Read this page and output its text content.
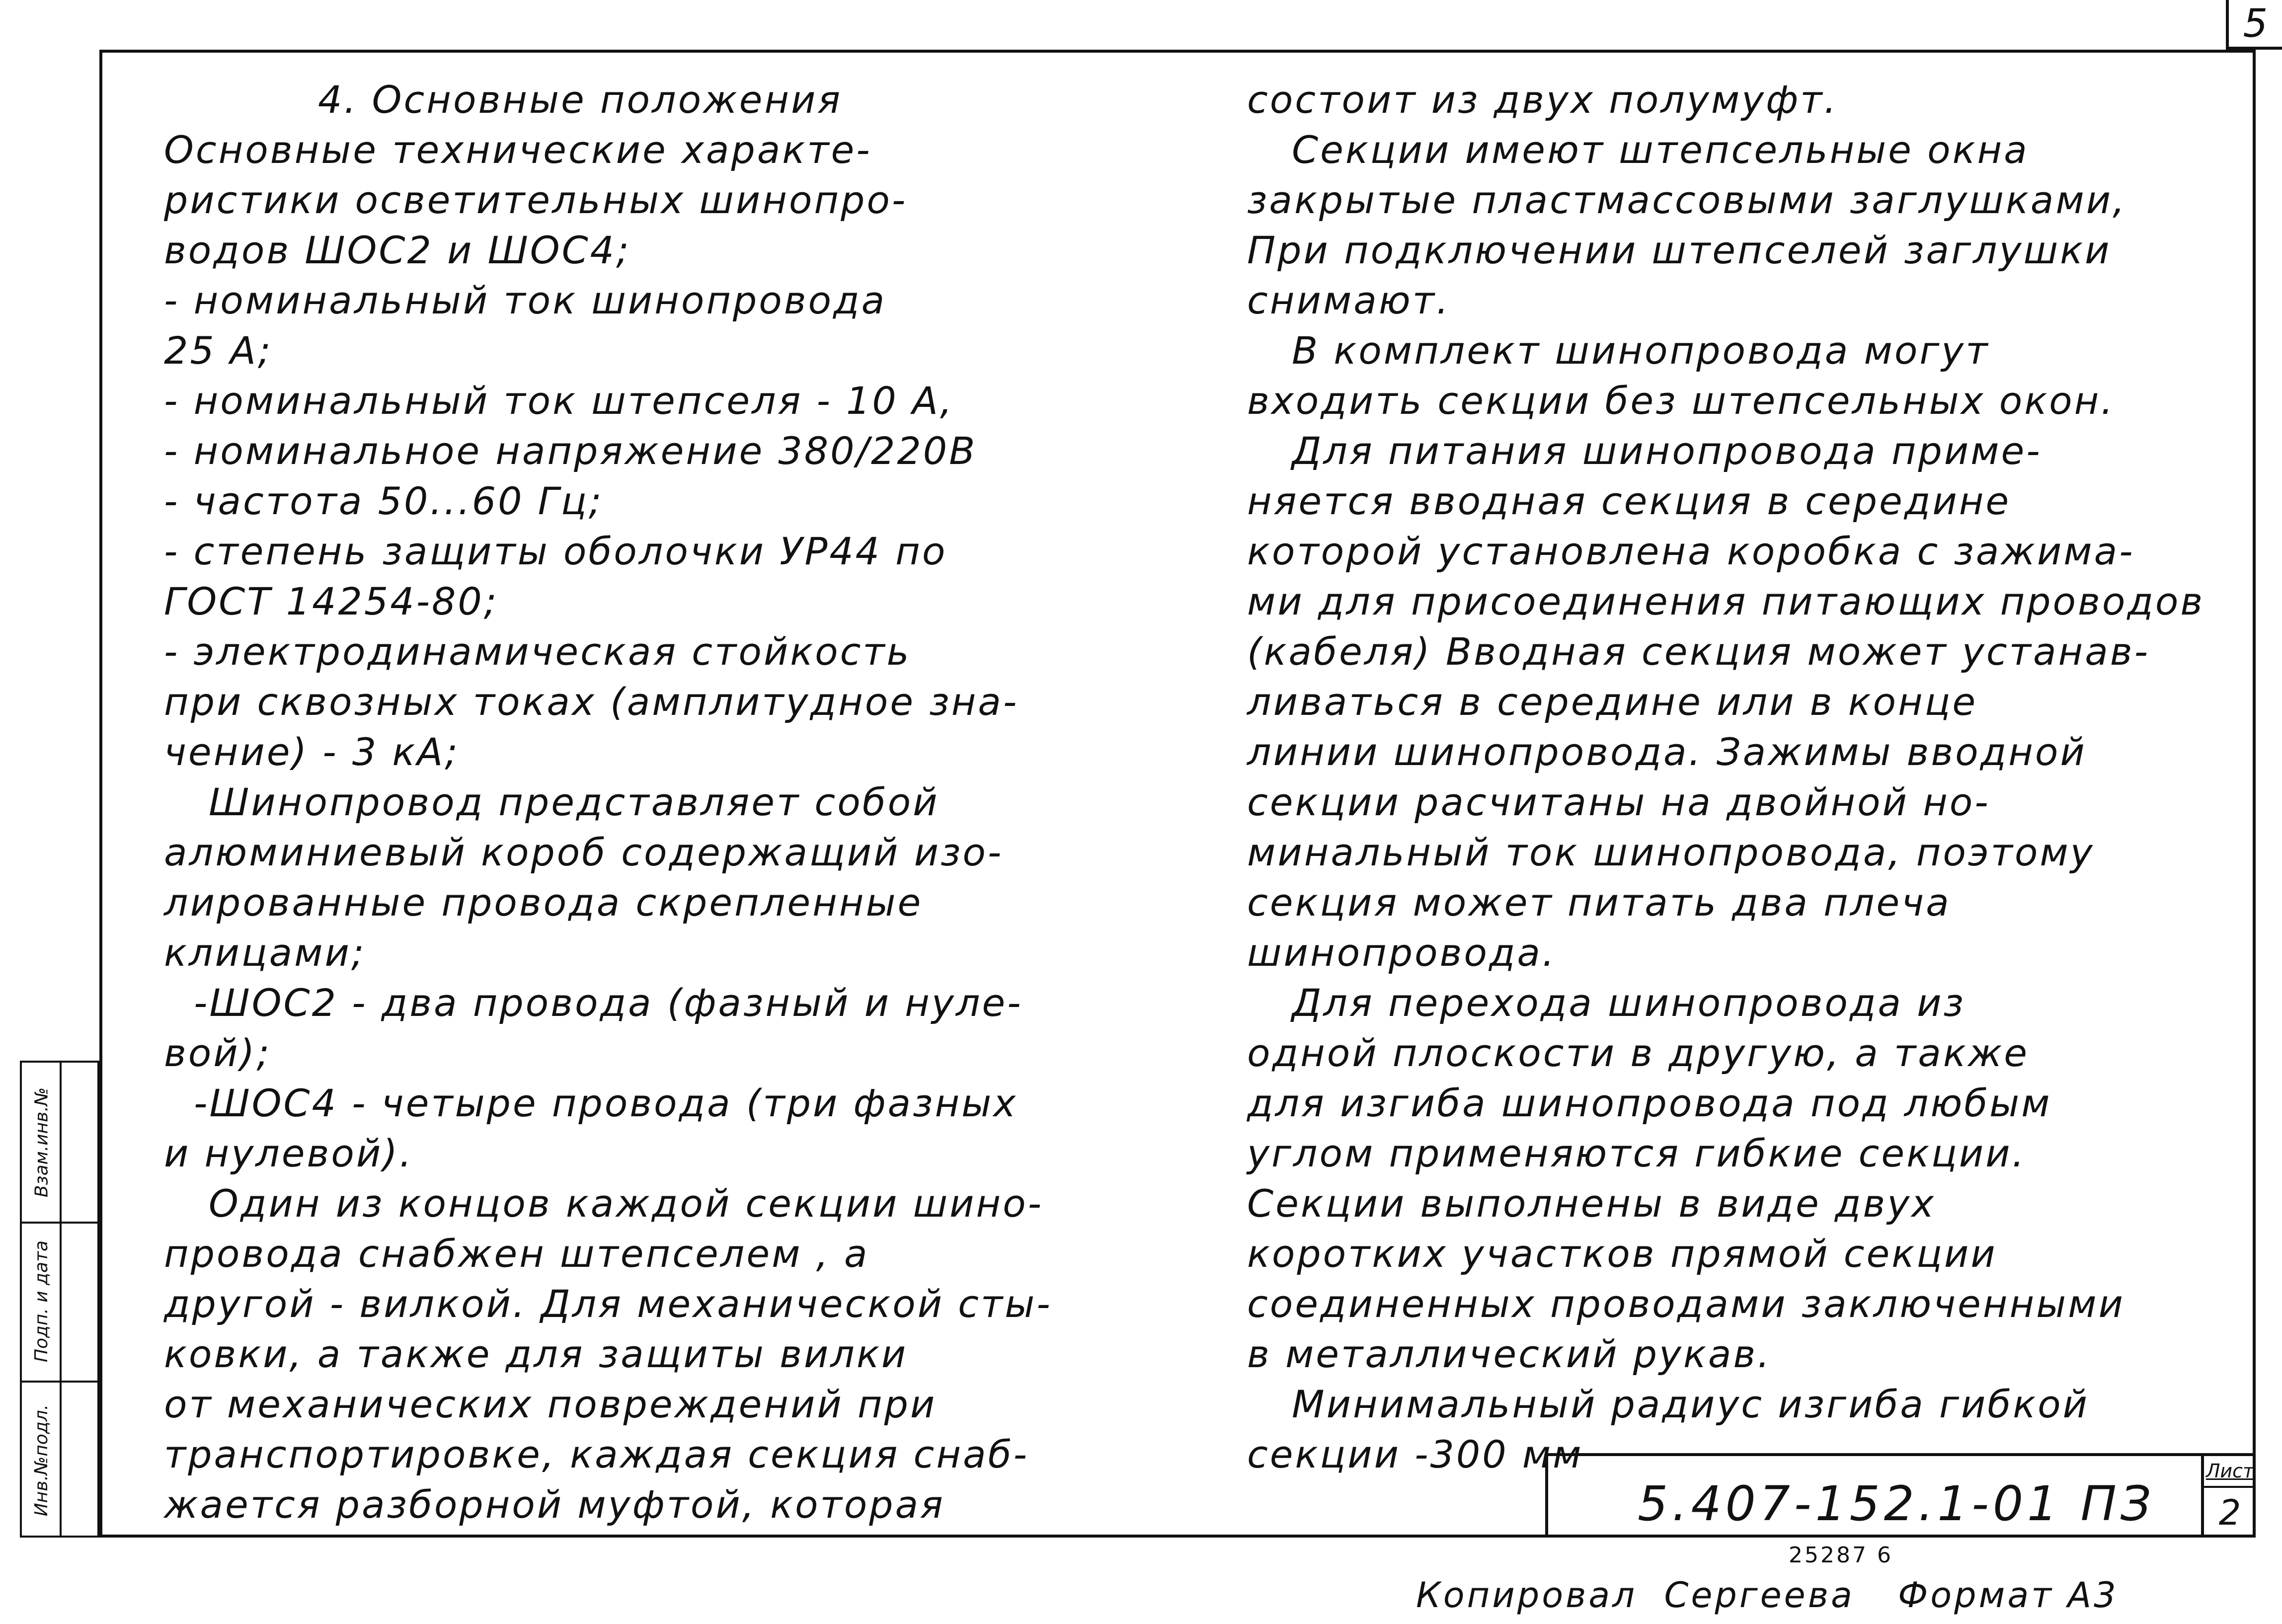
5
Взам.инв.№
Подп. и дата
Инв.№подл.

4. Основные положения

Основные технические характе-

ристики осветительных шинопро-

водов ШОС2 и ШОС4;

- номинальный ток шинопровода

25 А;

- номинальный ток штепселя - 10 А,

- номинальное напряжение 380/220В

- частота 50...60 Гц;

- степень защиты оболочки УР44 по

ГОСТ 14254-80;

- электродинамическая стойкость

при сквозных токах (амплитудное зна-

чение) - 3 кА;

Шинопровод представляет собой

алюминиевый короб содержащий изо-

лированные провода скрепленные

клицами;

-ШОС2 - два провода (фазный и нуле-

вой);

-ШОС4 - четыре провода (три фазных

и нулевой).

Один из концов каждой секции шино-

провода снабжен штепселем , а

другой - вилкой. Для механической сты-

ковки, а также для защиты вилки

от механических повреждений при

транспортировке, каждая секция снаб-

жается разборной муфтой, которая

состоит из двух полумуфт.

Секции имеют штепсельные окна

закрытые пластмассовыми заглушками,

При подключении штепселей заглушки

снимают.

В комплект шинопровода могут

входить секции без штепсельных окон.

Для питания шинопровода приме-

няется вводная секция в середине

которой установлена коробка с зажима-

ми для присоединения питающих проводов

(кабеля) Вводная секция может устанав-

ливаться в середине или в конце

линии шинопровода. Зажимы вводной

секции расчитаны на двойной но-

минальный ток шинопровода, поэтому

секция может питать два плеча

шинопровода.

Для перехода шинопровода из

одной плоскости в другую, а также

для изгиба шинопровода под любым

углом применяются гибкие секции.

Секции выполнены в виде двух

коротких участков прямой секции

соединенных проводами заключенными

в металлический рукав.

Минимальный радиус изгиба гибкой

секции -300 мм

5.407-152.1-01 ПЗ
Лист
2
25287 6
Копировал  Сергеева Формат А3
